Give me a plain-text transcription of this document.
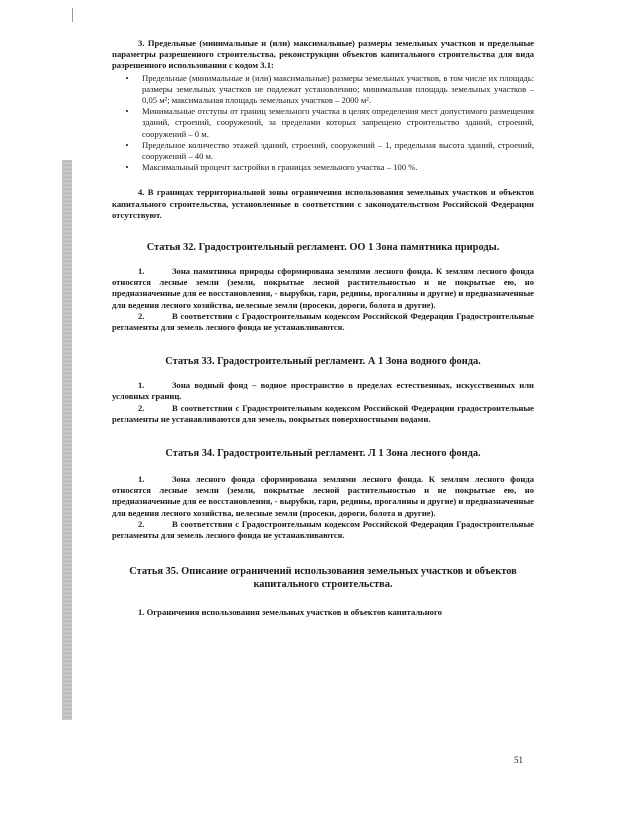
3. Предельные (минимальные и (или) максимальные) размеры земельных участков и предельные параметры разрешенного строительства, реконструкции объектов капитального строительства для вида разрешенного использования с кодом 3.1:

•	Предельные (минимальные и (или) максимальные) размеры земельных участков, в том числе их площадь: размеры земельных участков не подлежат установлению; минимальная площадь земельных участков – 0,05 м²; максимальная площадь земельных участков – 2000 м².
•	Минимальные отступы от границ земельного участка в целях определения мест допустимого размещения зданий, строений, сооружений, за пределами которых запрещено строительство зданий, строений, сооружений – 0 м.
•	Предельное количество этажей зданий, строений, сооружений – 1, предельная высота зданий, строений, сооружений – 40 м.
•	Максимальный процент застройки в границах земельного участка – 100 %.

4. В границах территориальной зоны ограничения использования земельных участков и объектов капитального строительства, установленные в соответствии с законодательством Российской Федерации отсутствуют.

Статья 32. Градостроительный регламент. ОО 1 Зона памятника природы.

1.	Зона памятника природы сформирована землями лесного фонда. К землям лесного фонда относятся лесные земли (земли, покрытые лесной растительностью и не покрытые ею, но предназначенные для ее восстановления, - вырубки, гари, редины, прогалины и другие) и предназначенные для ведения лесного хозяйства, нелесные земли (просеки, дороги, болота и другие).

2.	В соответствии с Градостроительным кодексом Российской Федерации Градостроительные регламенты для земель лесного фонда не устанавливаются.

Статья 33. Градостроительный регламент. А 1 Зона водного фонда.

1.	Зона водный фонд – водное пространство в пределах естественных, искусственных или условных границ.

2.	В соответствии с Градостроительным кодексом Российской Федерации градостроительные регламенты не устанавливаются для земель, покрытых поверхностными водами.

Статья 34. Градостроительный регламент. Л 1 Зона лесного фонда.

1.	Зона лесного фонда сформирована землями лесного фонда. К землям лесного фонда относятся лесные земли (земли, покрытые лесной растительностью и не покрытые ею, но предназначенные для ее восстановления, - вырубки, гари, редины, прогалины и другие) и предназначенные для ведения лесного хозяйства, нелесные земли (просеки, дороги, болота и другие).

2.	В соответствии с Градостроительным кодексом Российской Федерации Градостроительные регламенты для земель лесного фонда не устанавливаются.

Статья 35. Описание ограничений использования земельных участков и объектов капитального строительства.

1. Ограничения использования земельных участков и объектов капитального

51
